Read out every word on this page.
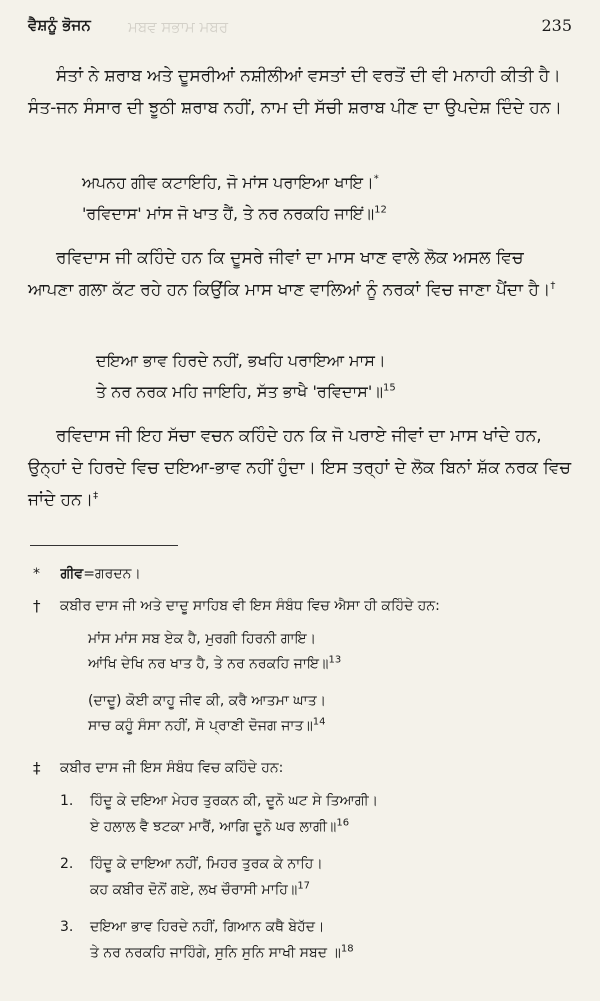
ਮਬਵ ਸਭਾਮ ਮਬਰ
ਵੈਸ਼ਨੂੰ ਭੋਜਨ	235

ਸੰਤਾਂ ਨੇ ਸ਼ਰਾਬ ਅਤੇ ਦੂਸਰੀਆਂ ਨਸ਼ੀਲੀਆਂ ਵਸਤਾਂ ਦੀ ਵਰਤੋਂ ਦੀ ਵੀ ਮਨਾਹੀ ਕੀਤੀ ਹੈ। ਸੰਤ-ਜਨ ਸੰਸਾਰ ਦੀ ਝੂਠੀ ਸ਼ਰਾਬ ਨਹੀਂ, ਨਾਮ ਦੀ ਸੱਚੀ ਸ਼ਰਾਬ ਪੀਣ ਦਾ ਉਪਦੇਸ਼ ਦਿੰਦੇ ਹਨ।

ਅਪਨਹ ਗੀਵ ਕਟਾਇਹਿ, ਜੋ ਮਾਂਸ ਪਰਾਇਆ ਖਾਇ।*
'ਰਵਿਦਾਸ' ਮਾਂਸ ਜੋ ਖਾਤ ਹੈਂ, ਤੇ ਨਰ ਨਰਕਹਿ ਜਾਇਂ॥$^{12}$

ਰਵਿਦਾਸ ਜੀ ਕਹਿੰਦੇ ਹਨ ਕਿ ਦੂਸਰੇ ਜੀਵਾਂ ਦਾ ਮਾਸ ਖਾਣ ਵਾਲੇ ਲੋਕ ਅਸਲ ਵਿਚ ਆਪਣਾ ਗਲਾ ਕੱਟ ਰਹੇ ਹਨ ਕਿਉਂਕਿ ਮਾਸ ਖਾਣ ਵਾਲਿਆਂ ਨੂੰ ਨਰਕਾਂ ਵਿਚ ਜਾਣਾ ਪੈਂਦਾ ਹੈ।†

ਦਇਆ ਭਾਵ ਹਿਰਦੇ ਨਹੀਂ, ਭਖਹਿ ਪਰਾਇਆ ਮਾਸ।
ਤੇ ਨਰ ਨਰਕ ਮਹਿ ਜਾਇਹਿ, ਸੱਤ ਭਾਖੈ 'ਰਵਿਦਾਸ'॥$^{15}$

ਰਵਿਦਾਸ ਜੀ ਇਹ ਸੱਚਾ ਵਚਨ ਕਹਿੰਦੇ ਹਨ ਕਿ ਜੋ ਪਰਾਏ ਜੀਵਾਂ ਦਾ ਮਾਸ ਖਾਂਦੇ ਹਨ, ਉਨ੍ਹਾਂ ਦੇ ਹਿਰਦੇ ਵਿਚ ਦਇਆ-ਭਾਵ ਨਹੀਂ ਹੁੰਦਾ। ਇਸ ਤਰ੍ਹਾਂ ਦੇ ਲੋਕ ਬਿਨਾਂ ਸ਼ੱਕ ਨਰਕ ਵਿਚ ਜਾਂਦੇ ਹਨ।‡

* ਗੀਵ=ਗਰਦਨ।
† ਕਬੀਰ ਦਾਸ ਜੀ ਅਤੇ ਦਾਦੂ ਸਾਹਿਬ ਵੀ ਇਸ ਸੰਬੰਧ ਵਿਚ ਐਸਾ ਹੀ ਕਹਿੰਦੇ ਹਨ:
ਮਾਂਸ ਮਾਂਸ ਸਬ ਏਕ ਹੈ, ਮੁਰਗੀ ਹਿਰਨੀ ਗਾਇ।
ਆਂਖਿ ਦੇਖਿ ਨਰ ਖਾਤ ਹੈ, ਤੇ ਨਰ ਨਰਕਹਿ ਜਾਇ॥$^{13}$
(ਦਾਦੂ) ਕੋਈ ਕਾਹੂ ਜੀਵ ਕੀ, ਕਰੈ ਆਤਮਾ ਘਾਤ।
ਸਾਚ ਕਹੂੰ ਸੰਸਾ ਨਹੀਂ, ਸੋ ਪ੍ਰਾਣੀ ਦੋਜਗ ਜਾਤ॥$^{14}$
‡ ਕਬੀਰ ਦਾਸ ਜੀ ਇਸ ਸੰਬੰਧ ਵਿਚ ਕਹਿੰਦੇ ਹਨ:
1. ਹਿੰਦੂ ਕੇ ਦਇਆ ਮੇਹਰ ਤੁਰਕਨ ਕੀ, ਦੂਨੋ ਘਟ ਸੇ ਤਿਆਗੀ।
ਏ ਹਲਾਲ ਵੈ ਝਟਕਾ ਮਾਰੈਂ, ਆਗਿ ਦੂਨੋ ਘਰ ਲਾਗੀ॥$^{16}$
2. ਹਿੰਦੂ ਕੇ ਦਾਇਆ ਨਹੀਂ, ਮਿਹਰ ਤੁਰਕ ਕੇ ਨਾਹਿ।
ਕਹ ਕਬੀਰ ਦੋਨੋਂ ਗਏ, ਲਖ ਚੌਰਾਸੀ ਮਾਹਿ॥$^{17}$
3. ਦਇਆ ਭਾਵ ਹਿਰਦੇ ਨਹੀਂ, ਗਿਆਨ ਕਥੈ ਬੇਹੱਦ।
ਤੇ ਨਰ ਨਰਕਹਿ ਜਾਹਿੰਗੇ, ਸੁਨਿ ਸੁਨਿ ਸਾਖੀ ਸਬਦ ॥$^{18}$
